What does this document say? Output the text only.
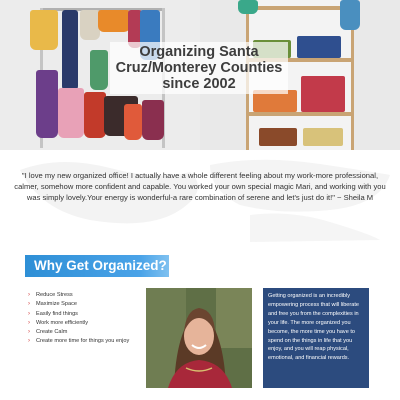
Organizing Santa
Cruz/Monterey Counties
since 2002
"I love my new organized office! I actually have a whole different feeling about my work-more professional, calmer, somehow more confident and capable. You worked your own special magic Mari, and working with you was simply lovely.Your energy is wonderful-a rare combination of serene and let's just do it!" ~ Sheila M
Why Get Organized?
›	Reduce Stress
›	Maximize Space
›	Easily find things
›	Work more efficiently
›	Create Calm
›	Create more time for things you enjoy
Getting organized is an incredibly empowering process that will liberate and free you from the complexities in your life. The more organized you become, the more time you have to spend on the things in life that you enjoy, and you will reap physical, emotional, and financial rewards.
